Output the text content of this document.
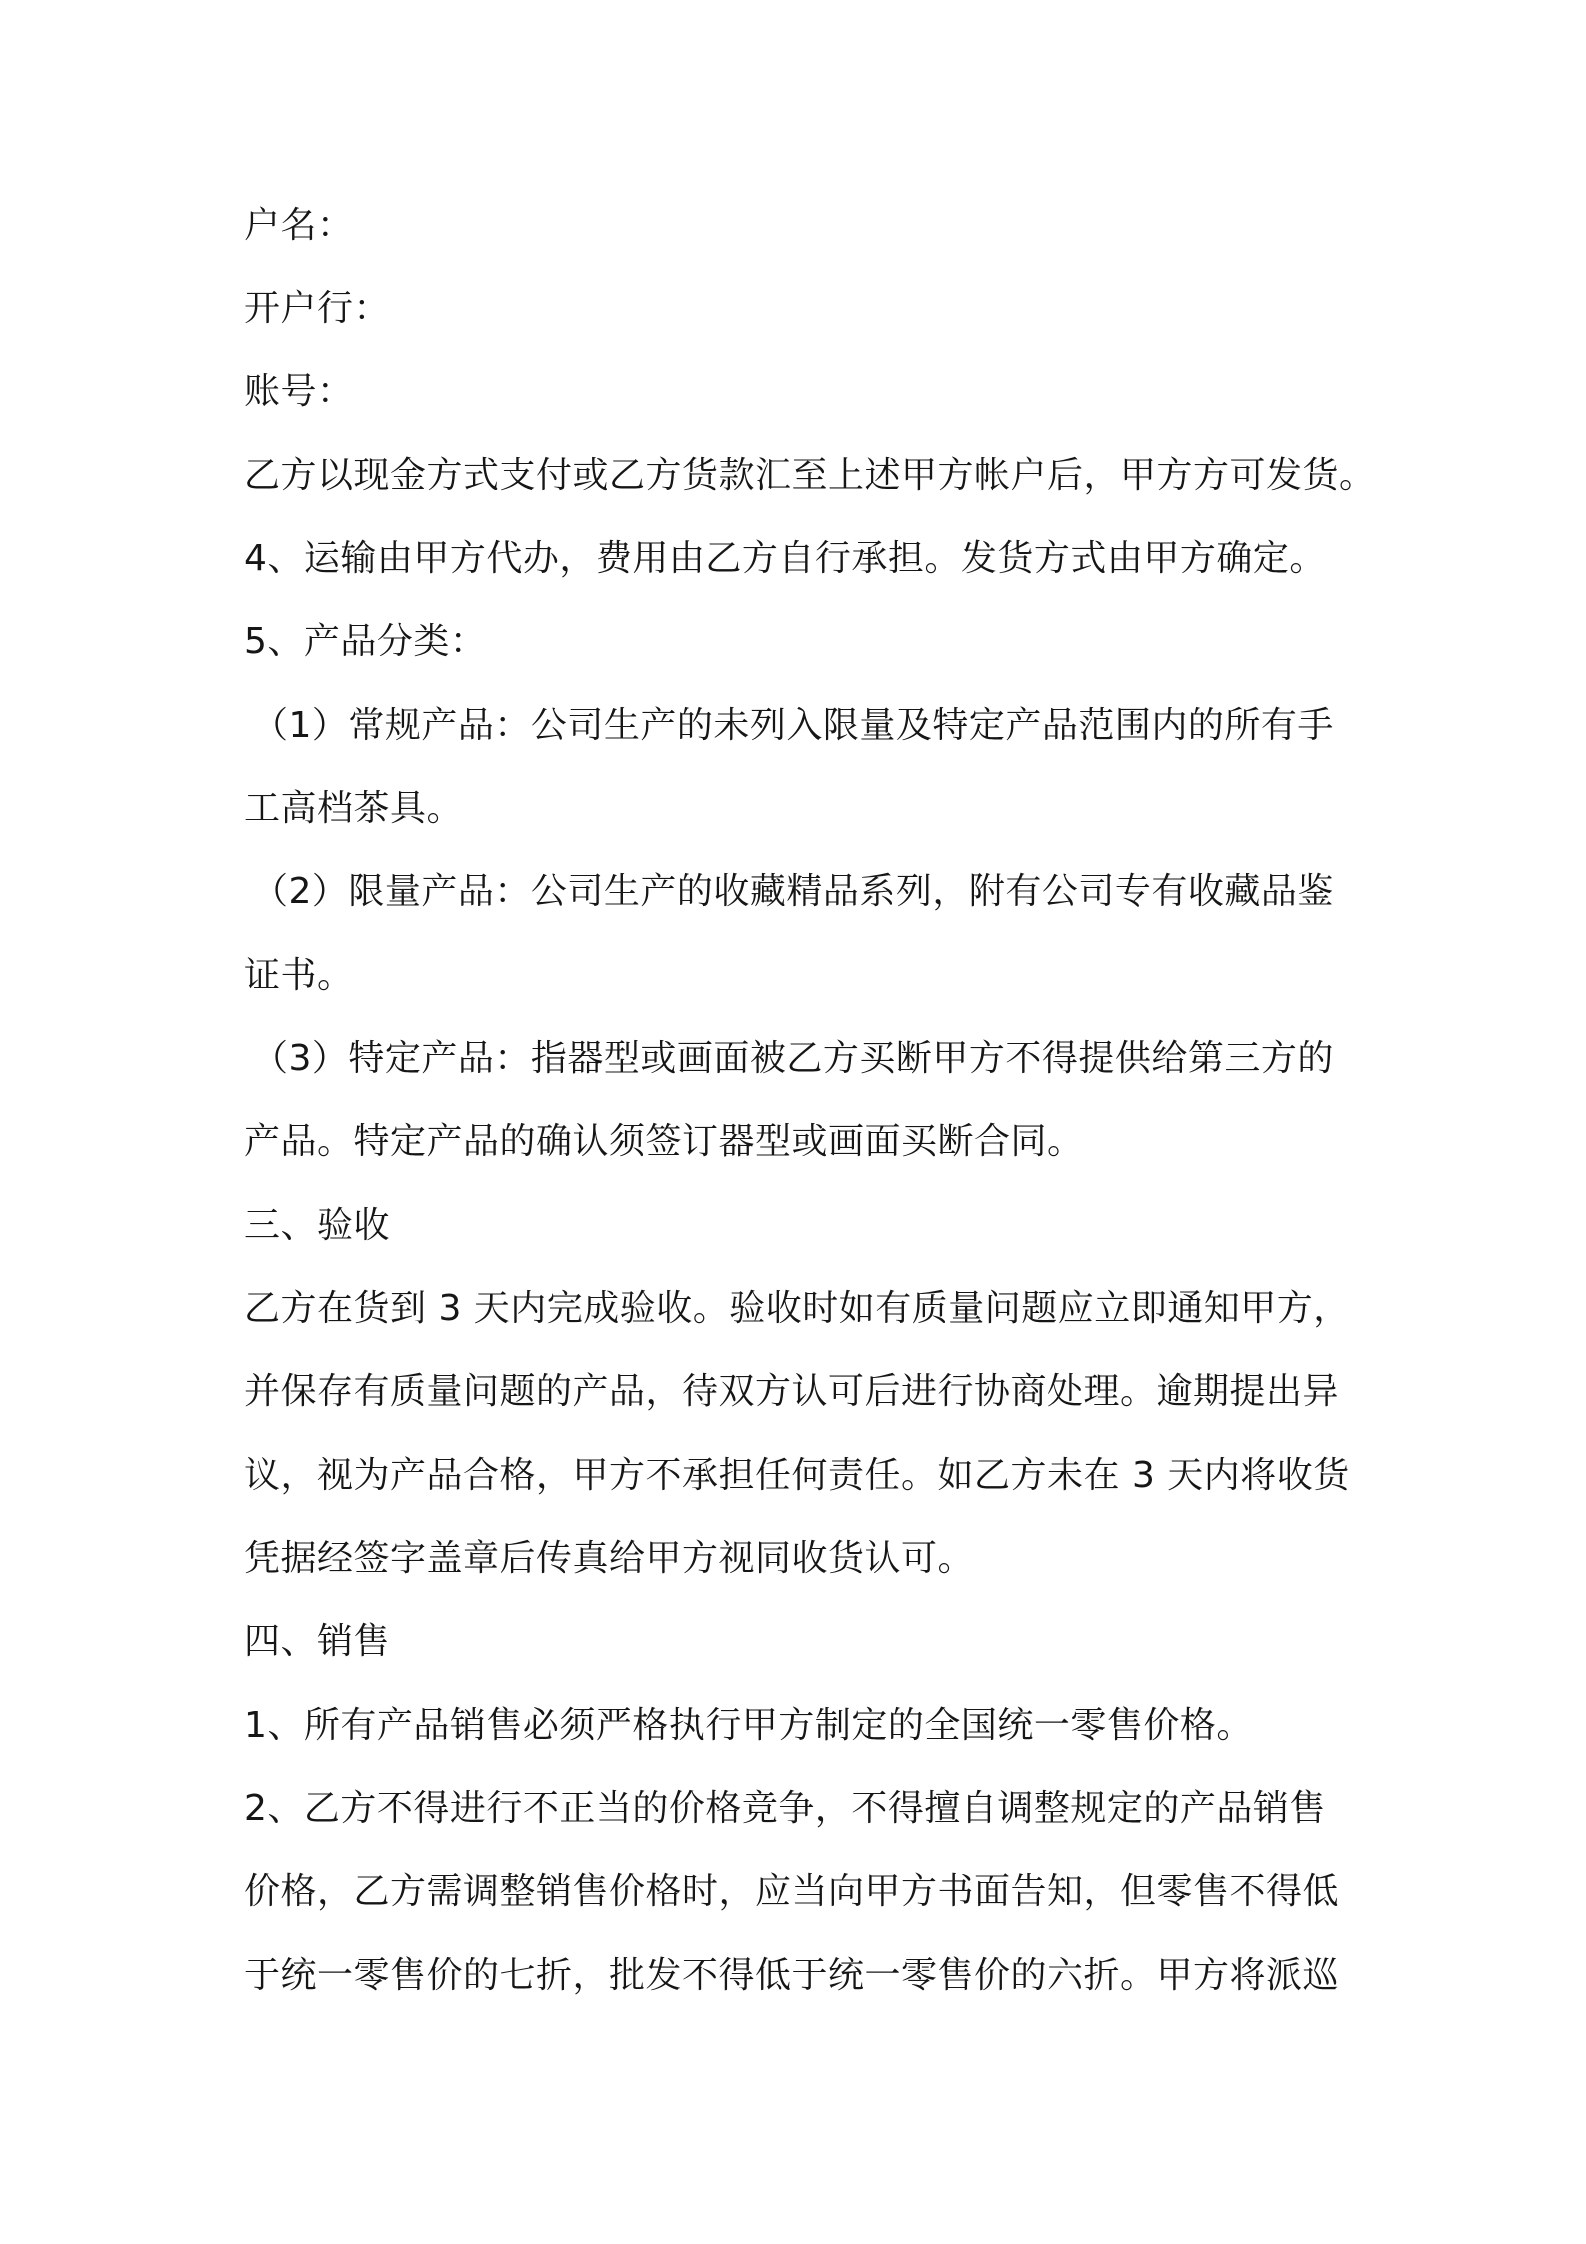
户名：
开户行：
账号：
乙方以现金方式支付或乙方货款汇至上述甲方帐户后，甲方方可发货。
4、运输由甲方代办，费用由乙方自行承担。发货方式由甲方确定。
5、产品分类：
（1）常规产品：公司生产的未列入限量及特定产品范围内的所有手
工高档茶具。
（2）限量产品：公司生产的收藏精品系列，附有公司专有收藏品鉴
证书。
（3）特定产品：指器型或画面被乙方买断甲方不得提供给第三方的
产品。特定产品的确认须签订器型或画面买断合同。
三、验收
乙方在货到 3 天内完成验收。验收时如有质量问题应立即通知甲方，
并保存有质量问题的产品，待双方认可后进行协商处理。逾期提出异
议，视为产品合格，甲方不承担任何责任。如乙方未在 3 天内将收货
凭据经签字盖章后传真给甲方视同收货认可。
四、销售
1、所有产品销售必须严格执行甲方制定的全国统一零售价格。
2、乙方不得进行不正当的价格竞争，不得擅自调整规定的产品销售
价格，乙方需调整销售价格时，应当向甲方书面告知，但零售不得低
于统一零售价的七折，批发不得低于统一零售价的六折。甲方将派巡
